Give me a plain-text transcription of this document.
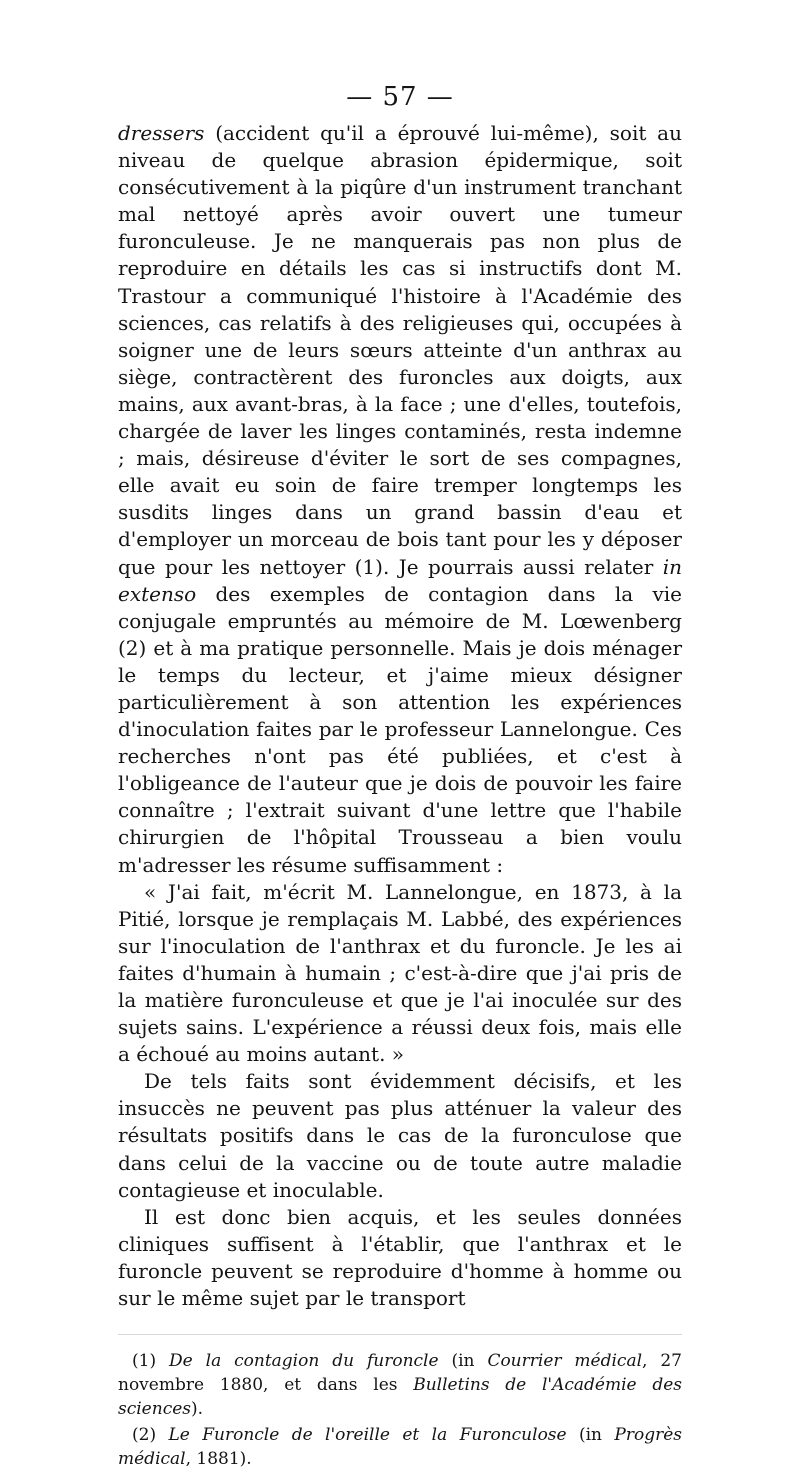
— 57 —

dressers (accident qu'il a éprouvé lui-même), soit au niveau de quelque abrasion épidermique, soit consécutivement à la piqûre d'un instrument tranchant mal nettoyé après avoir ouvert une tumeur furonculeuse. Je ne manquerais pas non plus de reproduire en détails les cas si instructifs dont M. Trastour a communiqué l'histoire à l'Académie des sciences, cas relatifs à des religieuses qui, occupées à soigner une de leurs sœurs atteinte d'un anthrax au siège, contractèrent des furoncles aux doigts, aux mains, aux avant-bras, à la face ; une d'elles, toutefois, chargée de laver les linges contaminés, resta indemne ; mais, désireuse d'éviter le sort de ses compagnes, elle avait eu soin de faire tremper longtemps les susdits linges dans un grand bassin d'eau et d'employer un morceau de bois tant pour les y déposer que pour les nettoyer (1). Je pourrais aussi relater in extenso des exemples de contagion dans la vie conjugale empruntés au mémoire de M. Lœwenberg (2) et à ma pratique personnelle. Mais je dois ménager le temps du lecteur, et j'aime mieux désigner particulièrement à son attention les expériences d'inoculation faites par le professeur Lannelongue. Ces recherches n'ont pas été publiées, et c'est à l'obligeance de l'auteur que je dois de pouvoir les faire connaître ; l'extrait suivant d'une lettre que l'habile chirurgien de l'hôpital Trousseau a bien voulu m'adresser les résume suffisamment :

« J'ai fait, m'écrit M. Lannelongue, en 1873, à la Pitié, lorsque je remplaçais M. Labbé, des expériences sur l'inoculation de l'anthrax et du furoncle. Je les ai faites d'humain à humain ; c'est-à-dire que j'ai pris de la matière furonculeuse et que je l'ai inoculée sur des sujets sains. L'expérience a réussi deux fois, mais elle a échoué au moins autant. »

De tels faits sont évidemment décisifs, et les insuccès ne peuvent pas plus atténuer la valeur des résultats positifs dans le cas de la furonculose que dans celui de la vaccine ou de toute autre maladie contagieuse et inoculable.

Il est donc bien acquis, et les seules données cliniques suffisent à l'établir, que l'anthrax et le furoncle peuvent se reproduire d'homme à homme ou sur le même sujet par le transport

(1) De la contagion du furoncle (in Courrier médical, 27 novembre 1880, et dans les Bulletins de l'Académie des sciences).

(2) Le Furoncle de l'oreille et la Furonculose (in Progrès médical, 1881).
